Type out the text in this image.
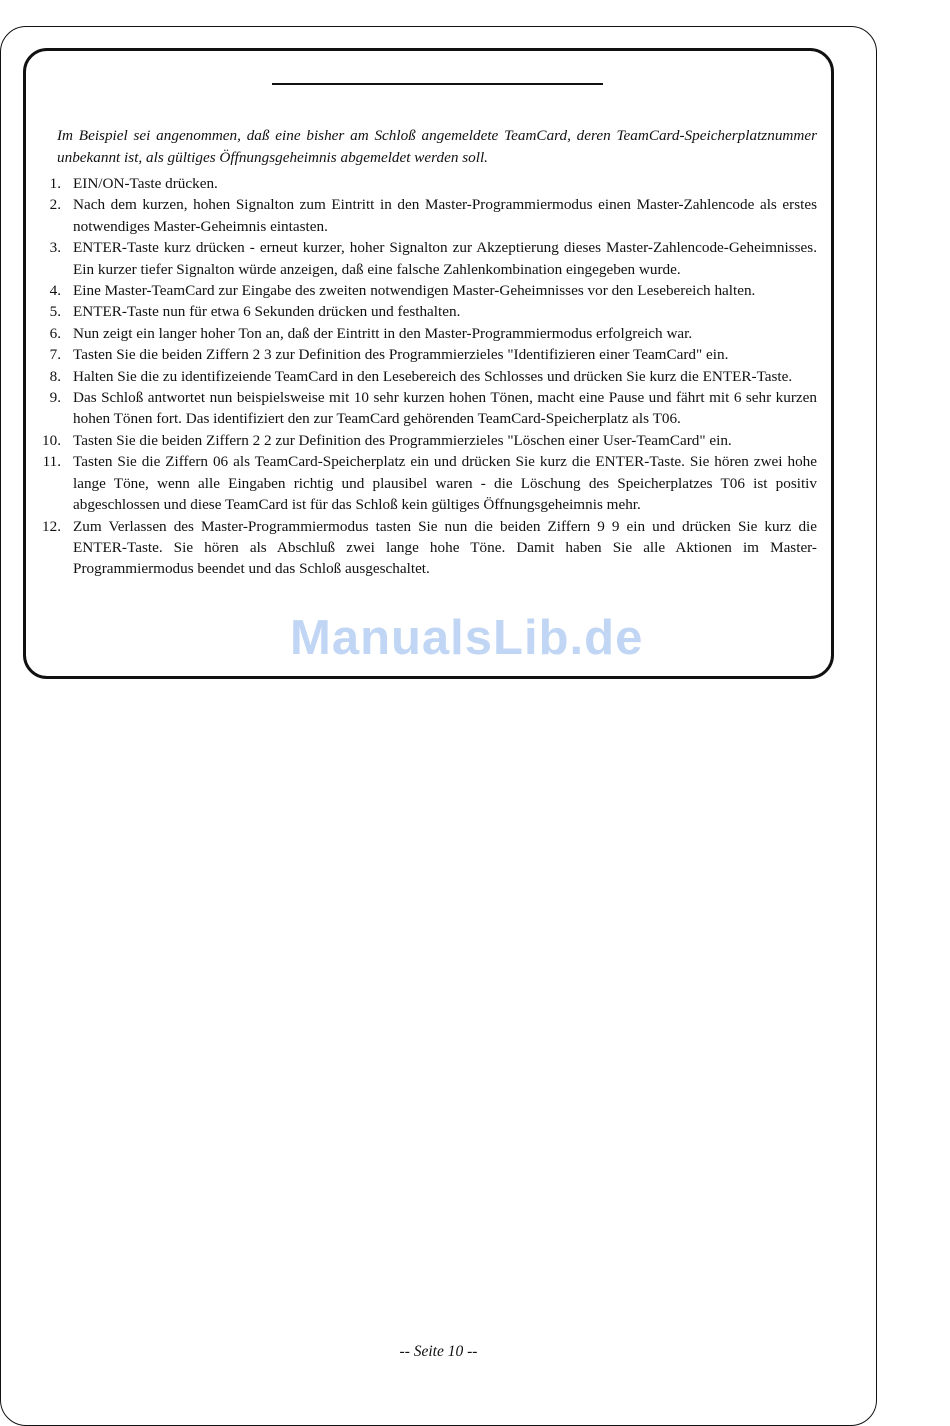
Im Beispiel sei angenommen, daß eine bisher am Schloß angemeldete TeamCard, deren TeamCard-Speicherplatznummer unbekannt ist, als gültiges Öffnungsgeheimnis abgemeldet werden soll.

1. EIN/ON-Taste drücken.
2. Nach dem kurzen, hohen Signalton zum Eintritt in den Master-Programmiermodus einen Master-Zahlencode als erstes notwendiges Master-Geheimnis eintasten.
3. ENTER-Taste kurz drücken - erneut kurzer, hoher Signalton zur Akzeptierung dieses Master-Zahlencode-Geheimnisses. Ein kurzer tiefer Signalton würde anzeigen, daß eine falsche Zahlenkombination eingegeben wurde.
4. Eine Master-TeamCard zur Eingabe des zweiten notwendigen Master-Geheimnisses vor den Lesebereich halten.
5. ENTER-Taste nun für etwa 6 Sekunden drücken und festhalten.
6. Nun zeigt ein langer hoher Ton an, daß der Eintritt in den Master-Programmiermodus erfolgreich war.
7. Tasten Sie die beiden Ziffern 2 3 zur Definition des Programmierzieles "Identifizieren einer TeamCard" ein.
8. Halten Sie die zu identifizeiende TeamCard in den Lesebereich des Schlosses und drücken Sie kurz die ENTER-Taste.
9. Das Schloß antwortet nun beispielsweise mit 10 sehr kurzen hohen Tönen, macht eine Pause und fährt mit 6 sehr kurzen hohen Tönen fort. Das identifiziert den zur TeamCard gehörenden TeamCard-Speicherplatz als T06.
10. Tasten Sie die beiden Ziffern 2 2 zur Definition des Programmierzieles "Löschen einer User-TeamCard" ein.
11. Tasten Sie die Ziffern 06 als TeamCard-Speicherplatz ein und drücken Sie kurz die ENTER-Taste. Sie hören zwei hohe lange Töne, wenn alle Eingaben richtig und plausibel waren - die Löschung des Speicherplatzes T06 ist positiv abgeschlossen und diese TeamCard ist für das Schloß kein gültiges Öffnungsgeheimnis mehr.
12. Zum Verlassen des Master-Programmiermodus tasten Sie nun die beiden Ziffern 9 9 ein und drücken Sie kurz die ENTER-Taste. Sie hören als Abschluß zwei lange hohe Töne. Damit haben Sie alle Aktionen im Master-Programmiermodus beendet und das Schloß ausgeschaltet.
ManualsLib.de
-- Seite 10 --
